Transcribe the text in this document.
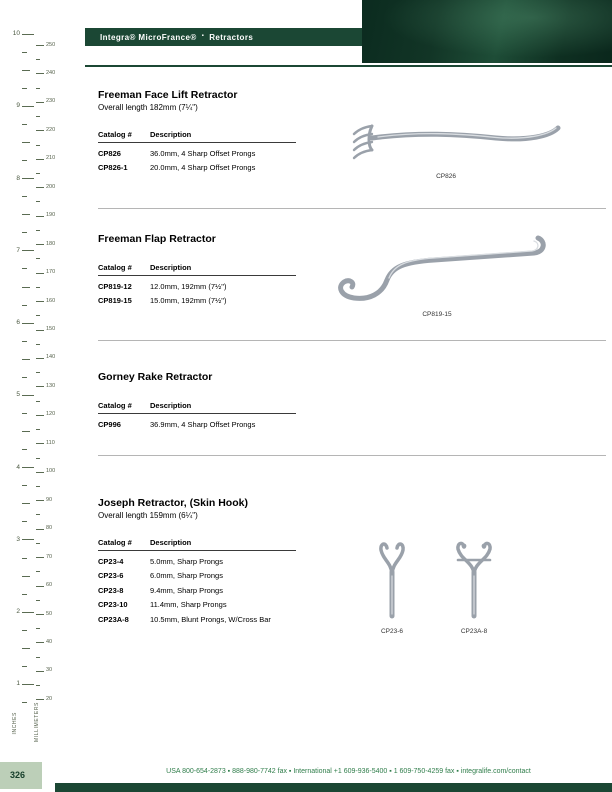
250
240
230
220
210
200
190
180
170
160
150
140
130
120
110
100
90
80
70
60
50
40
30
20
1
2
3
4
5
6
7
8
9
10
INCHES	MILLIMETERS
Integra® MicroFrance® ▪ Retractors
Freeman Face Lift Retractor

Overall length 182mm (7¼")

Catalog #	Description
CP826	36.0mm, 4 Sharp Offset Prongs
CP826-1	20.0mm, 4 Sharp Offset Prongs
CP826
Freeman Flap Retractor
Catalog #	Description
CP819-12	12.0mm, 192mm (7½")
CP819-15	15.0mm, 192mm (7½")
CP819-15
Gorney Rake Retractor
Catalog #	Description
CP996	36.9mm, 4 Sharp Offset Prongs
Joseph Retractor, (Skin Hook)

Overall length 159mm (6¼")

Catalog #	Description
CP23-4	5.0mm, Sharp Prongs
CP23-6	6.0mm, Sharp Prongs
CP23-8	9.4mm, Sharp Prongs
CP23-10	11.4mm, Sharp Prongs
CP23A-8	10.5mm, Blunt Prongs, W/Cross Bar
CP23-6	CP23A-8
USA 800-654-2873 ▪ 888-980-7742 fax ▪ International +1 609-936-5400 ▪ 1 609-750-4259 fax ▪ integralife.com/contact
326
